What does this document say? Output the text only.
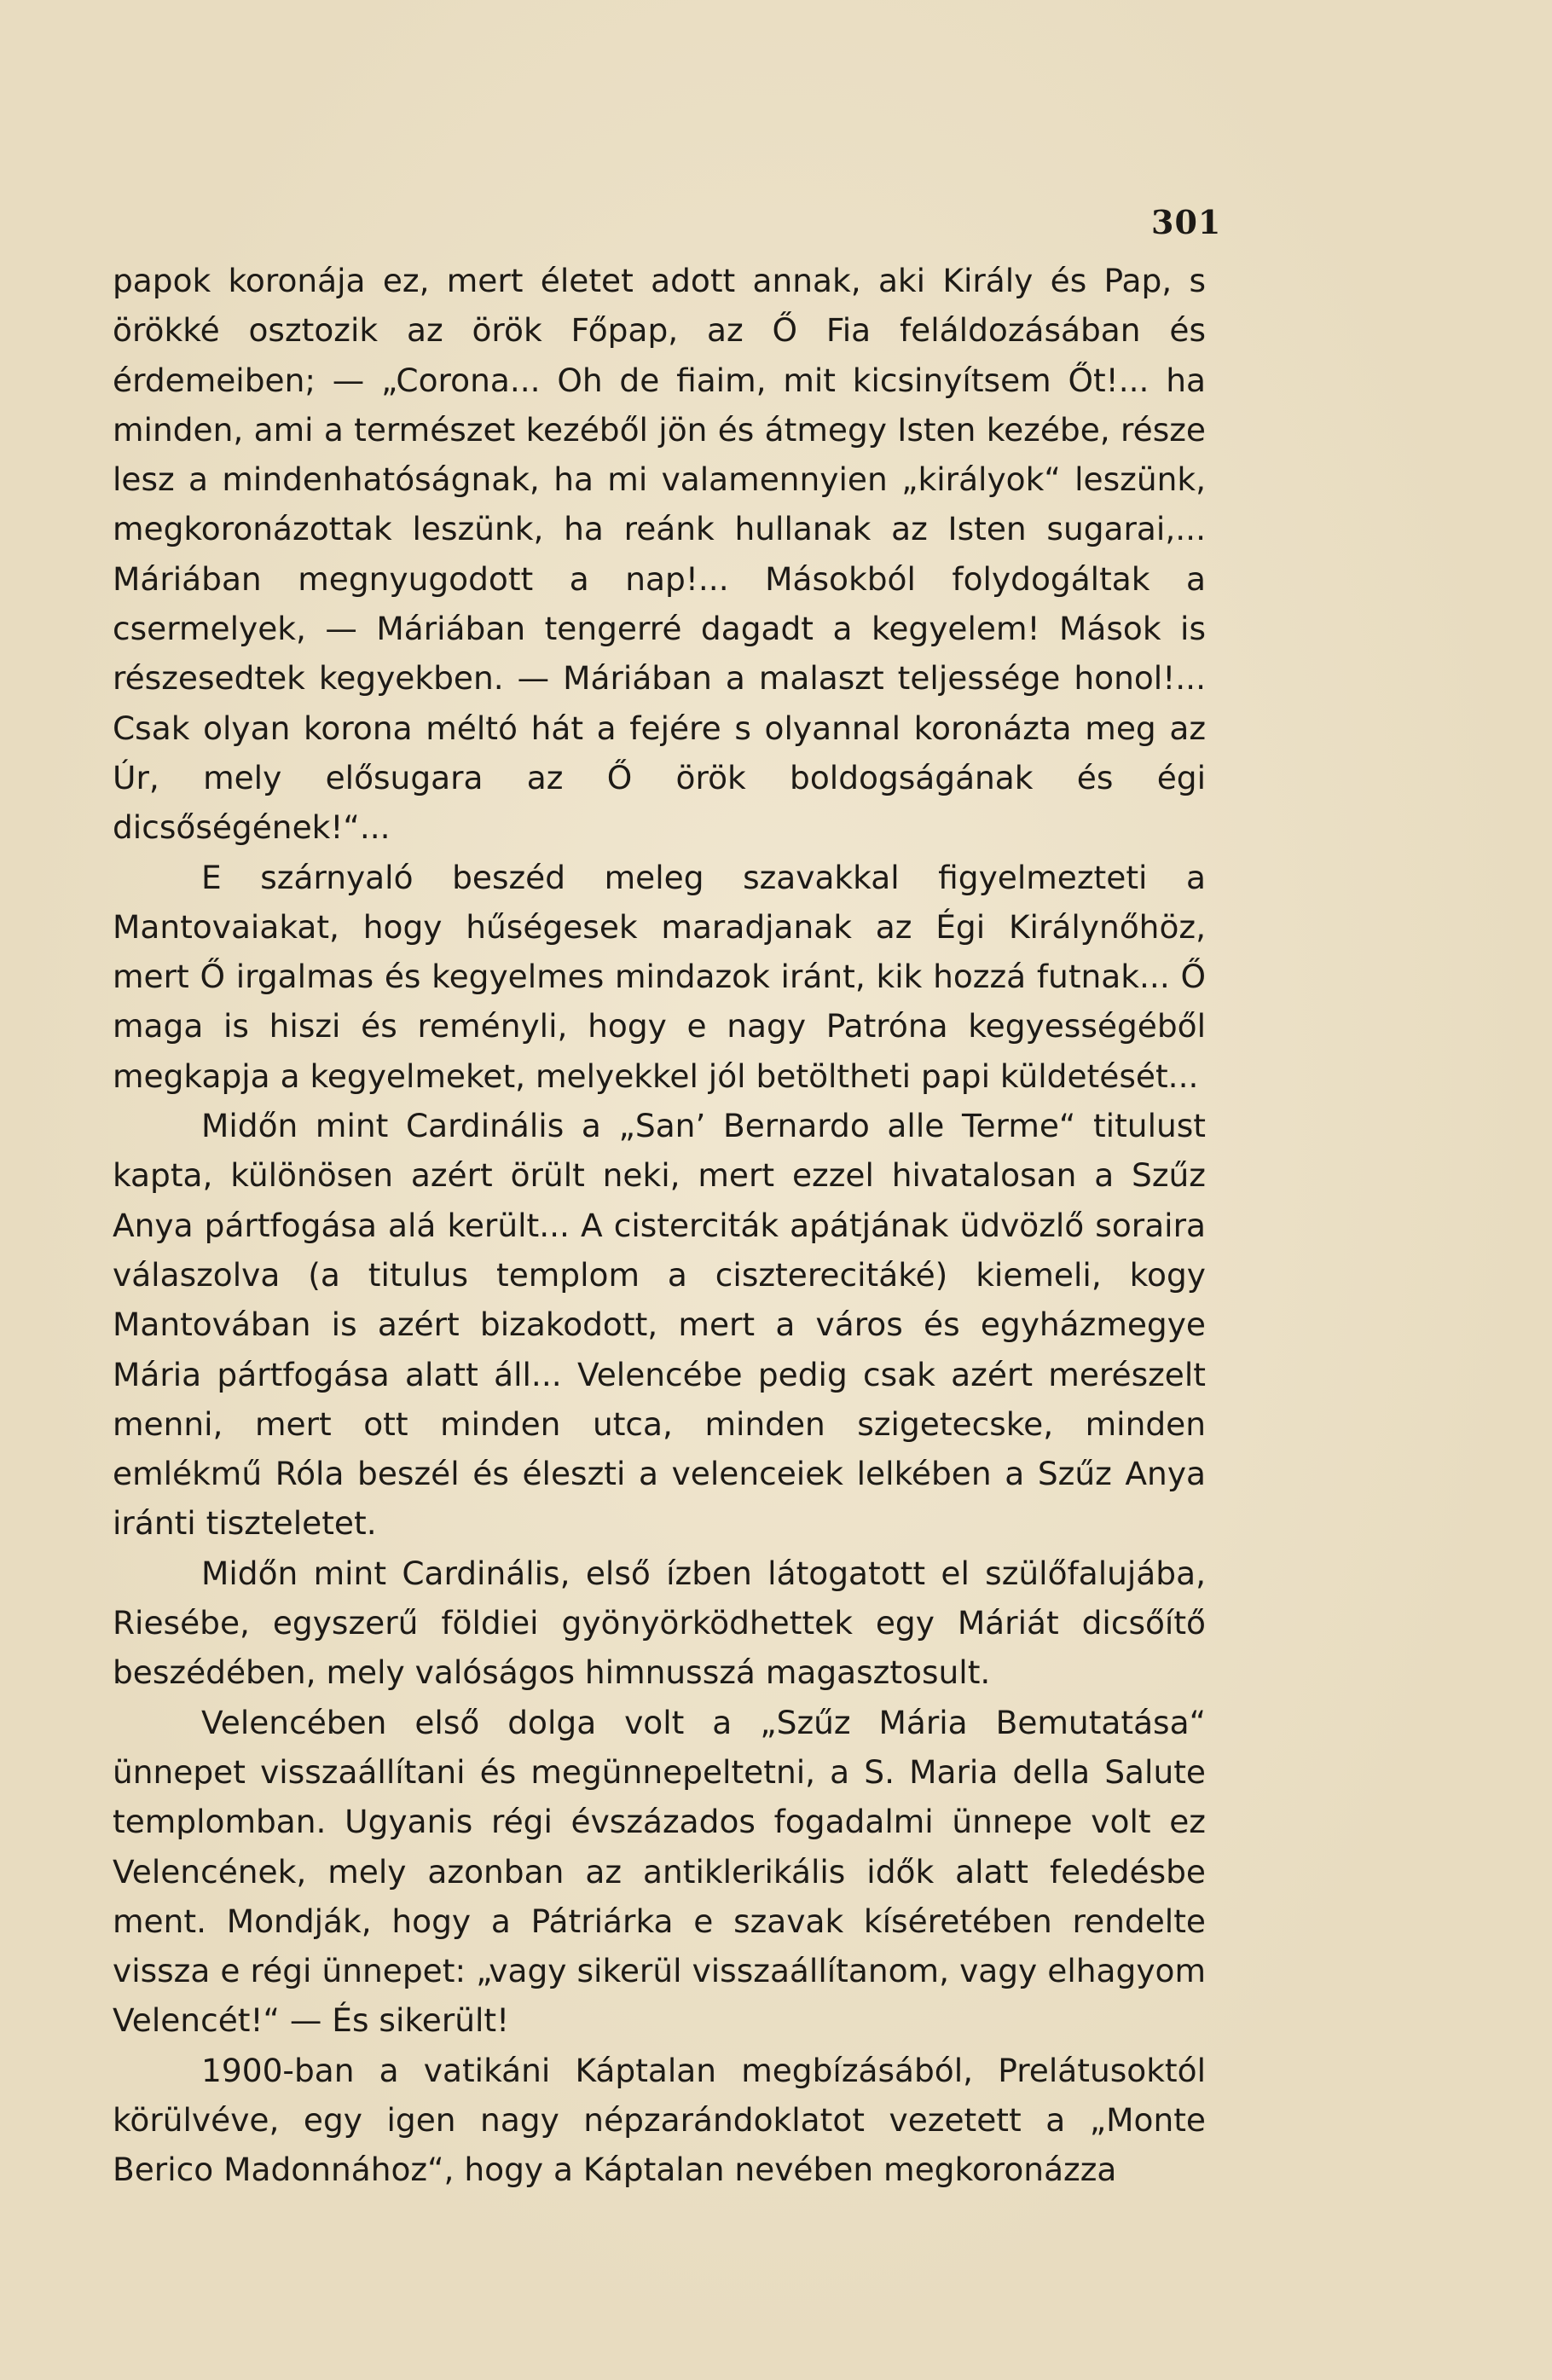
301

papok koronája ez, mert életet adott annak, aki Király és Pap, s örökké osztozik az örök Főpap, az Ő Fia feláldozásában és érdemeiben; — „Corona... Oh de fiaim, mit kicsinyítsem Őt!... ha minden, ami a természet kezéből jön és átmegy Isten kezébe, része lesz a mindenhatóságnak, ha mi valamennyien „királyok“ leszünk, megkoronázottak leszünk, ha reánk hullanak az Isten sugarai,... Máriában megnyugodott a nap!... Másokból folydogáltak a csermelyek, — Máriában tengerré dagadt a kegyelem! Mások is részesedtek kegyekben. — Máriában a malaszt teljessége honol!... Csak olyan korona méltó hát a fejére s olyannal koronázta meg az Úr, mely elősugara az Ő örök boldogságának és égi dicsőségének!“...

E szárnyaló beszéd meleg szavakkal figyelmezteti a Mantovaiakat, hogy hűségesek maradjanak az Égi Királynőhöz, mert Ő irgalmas és kegyelmes mindazok iránt, kik hozzá futnak... Ő maga is hiszi és reményli, hogy e nagy Patróna kegyességéből megkapja a kegyelmeket, melyekkel jól betöltheti papi küldetését...

Midőn mint Cardinális a „San’ Bernardo alle Terme“ titulust kapta, különösen azért örült neki, mert ezzel hivatalosan a Szűz Anya pártfogása alá került... A cisterciták apátjának üdvözlő soraira válaszolva (a titulus templom a ciszterecitáké) kiemeli, kogy Mantovában is azért bizakodott, mert a város és egyházmegye Mária pártfogása alatt áll... Velencébe pedig csak azért merészelt menni, mert ott minden utca, minden szigetecske, minden emlékmű Róla beszél és éleszti a velenceiek lelkében a Szűz Anya iránti tiszteletet.

Midőn mint Cardinális, első ízben látogatott el szülőfalujába, Riesébe, egyszerű földiei gyönyörködhettek egy Máriát dicsőítő beszédében, mely valóságos himnusszá magasztosult.

Velencében első dolga volt a „Szűz Mária Bemutatása“ ünnepet visszaállítani és megünnepeltetni, a S. Maria della Salute templomban. Ugyanis régi évszázados fogadalmi ünnepe volt ez Velencének, mely azonban az antiklerikális idők alatt feledésbe ment. Mondják, hogy a Pátriárka e szavak kíséretében rendelte vissza e régi ünnepet: „vagy sikerül visszaállítanom, vagy elhagyom Velencét!“ — És sikerült!

1900-ban a vatikáni Káptalan megbízásából, Prelátusoktól körülvéve, egy igen nagy népzarándoklatot vezetett a „Monte Berico Madonnához“, hogy a Káptalan nevében megkoronázza
